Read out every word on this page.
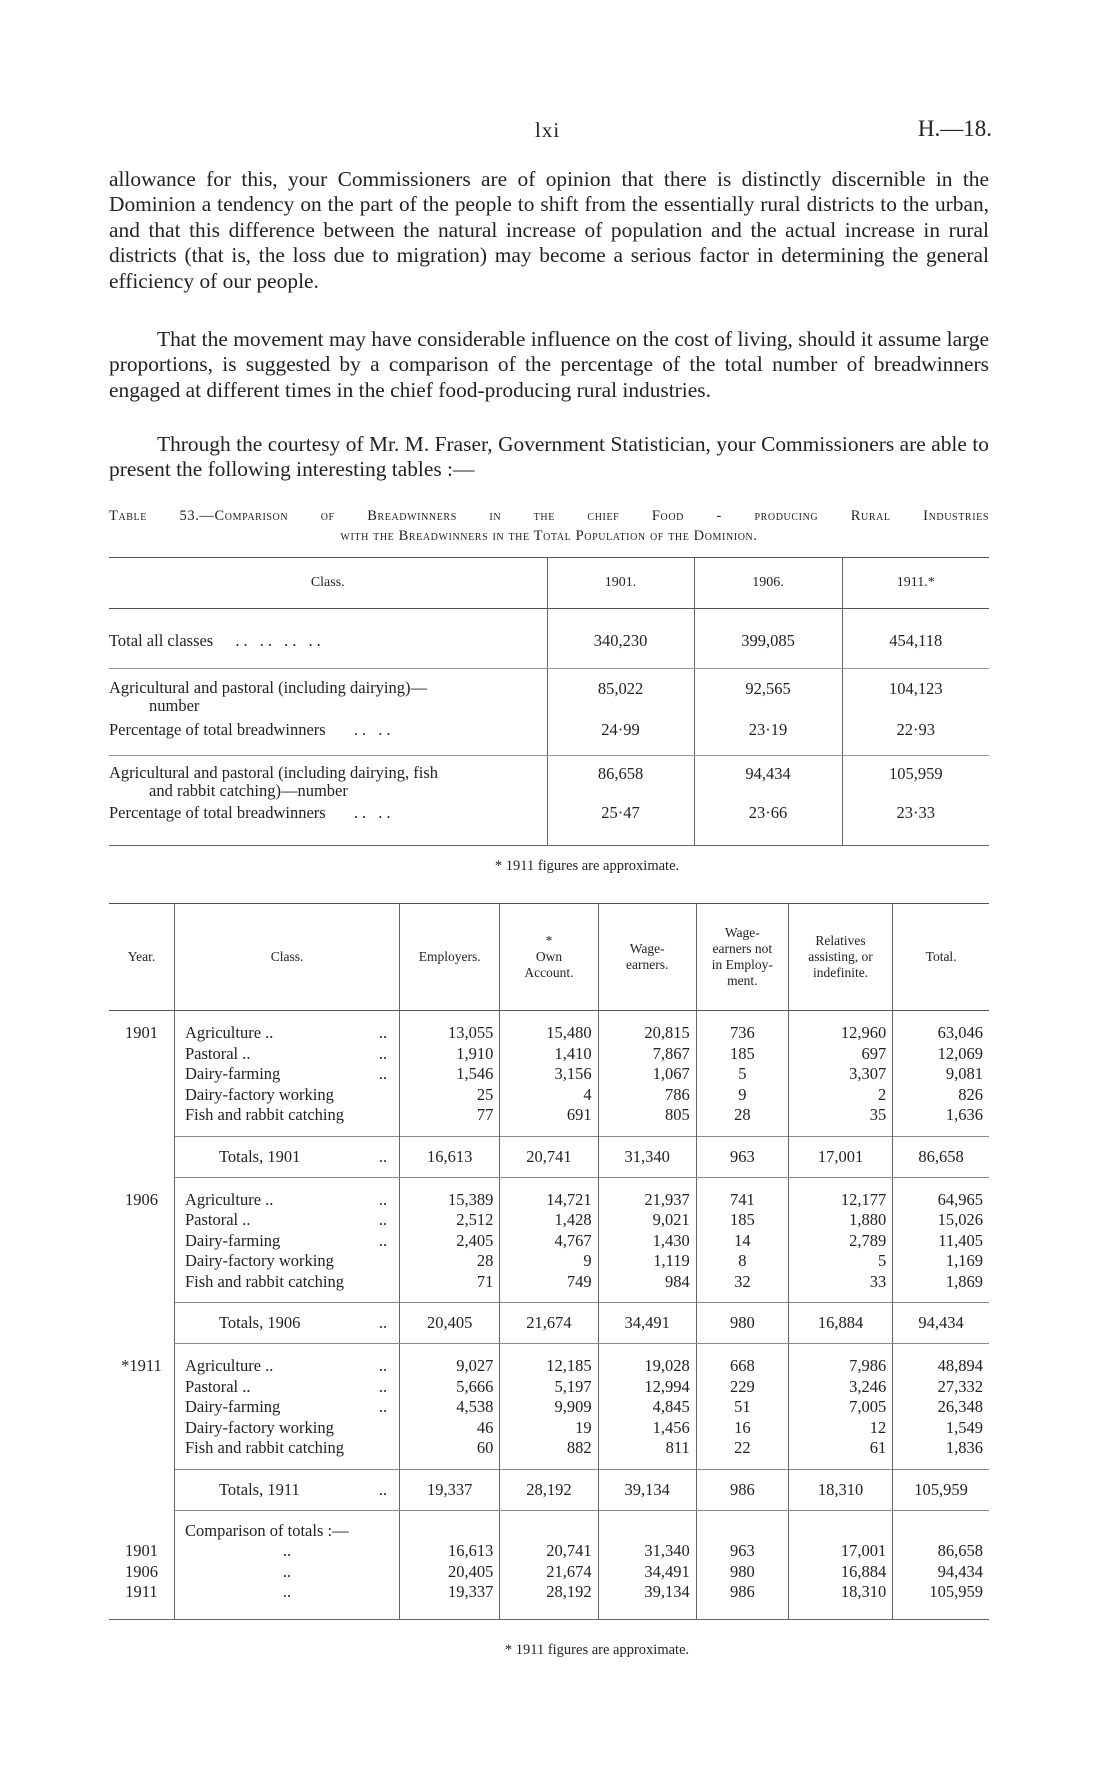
lxi	H.—18.
allowance for this, your Commissioners are of opinion that there is distinctly discernible in the Dominion a tendency on the part of the people to shift from the essentially rural districts to the urban, and that this difference between the natural increase of population and the actual increase in rural districts (that is, the loss due to migration) may become a serious factor in determining the general efficiency of our people.
That the movement may have considerable influence on the cost of living, should it assume large proportions, is suggested by a comparison of the percentage of the total number of breadwinners engaged at different times in the chief food-producing rural industries.
Through the courtesy of Mr. M. Fraser, Government Statistician, your Commissioners are able to present the following interesting tables :—
Table 53.—Comparison of Breadwinners in the chief Food - producing Rural Industries
with the Breadwinners in the Total Population of the Dominion.
Class.	1901.	1906.	1911.*

Total all classes .. .. .. ..	340,230	399,085	454,118

Agricultural and pastoral (including dairying)—
number	85,022	92,565	104,123
Percentage of total breadwinners .. ..	24·99	23·19	22·93

Agricultural and pastoral (including dairying, fish
and rabbit catching)—number	86,658	94,434	105,959
Percentage of total breadwinners .. ..	25·47	23·66	23·33

* 1911 figures are approximate.
Year.	Class.	Employers.	*
Own Account.	Wage-earners.	Wage-earners not in Employ-ment.	Relatives assisting, or indefinite.	Total.

1901	Agriculture .. ..	13,055	15,480	20,815	736	12,960	63,046
	Pastoral .. ..	1,910	1,410	7,867	185	697	12,069
	Dairy-farming ..	1,546	3,156	1,067	5	3,307	9,081
	Dairy-factory working	25	4	786	9	2	826
	Fish and rabbit catching	77	691	805	28	35	1,636

	Totals, 1901 ..	16,613	20,741	31,340	963	17,001	86,658

1906	Agriculture .. ..	15,389	14,721	21,937	741	12,177	64,965
	Pastoral .. ..	2,512	1,428	9,021	185	1,880	15,026
	Dairy-farming ..	2,405	4,767	1,430	14	2,789	11,405
	Dairy-factory working	28	9	1,119	8	5	1,169
	Fish and rabbit catching	71	749	984	32	33	1,869

	Totals, 1906 ..	20,405	21,674	34,491	980	16,884	94,434

*1911	Agriculture .. ..	9,027	12,185	19,028	668	7,986	48,894
	Pastoral .. ..	5,666	5,197	12,994	229	3,246	27,332
	Dairy-farming ..	4,538	9,909	4,845	51	7,005	26,348
	Dairy-factory working	46	19	1,456	16	12	1,549
	Fish and rabbit catching	60	882	811	22	61	1,836

	Totals, 1911 ..	19,337	28,192	39,134	986	18,310	105,959

	Comparison of totals :—						
1901	..	16,613	20,741	31,340	963	17,001	86,658
1906	..	20,405	21,674	34,491	980	16,884	94,434
1911	..	19,337	28,192	39,134	986	18,310	105,959

* 1911 figures are approximate.
